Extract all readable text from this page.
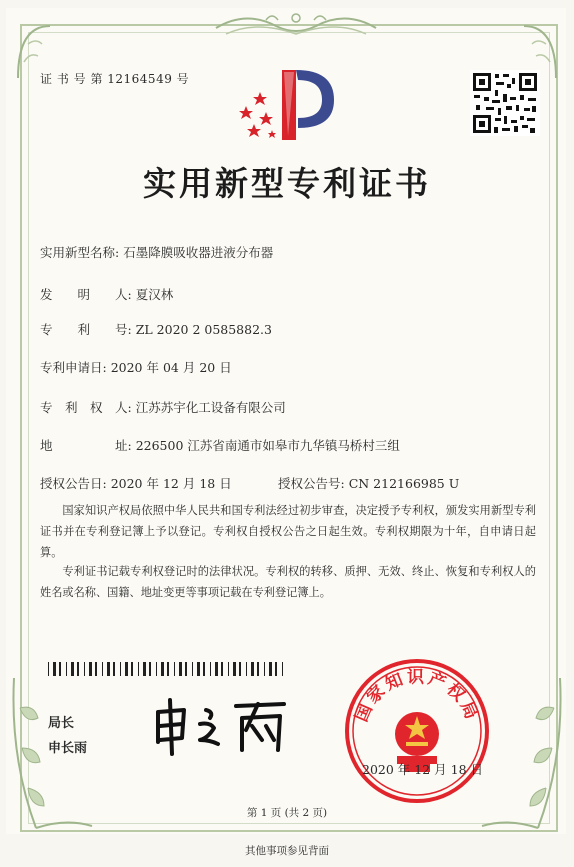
证 书 号 第 12164549 号
实用新型专利证书
实用新型名称: 石墨降膜吸收器进液分布器
发　　明　　人: 夏汉林
专　　利　　号: ZL 2020 2 0585882.3
专利申请日: 2020 年 04 月 20 日
专　利　权　人: 江苏苏宇化工设备有限公司
地　　　　　址: 226500 江苏省南通市如皋市九华镇马桥村三组
授权公告日: 2020 年 12 月 18 日	授权公告号: CN 212166985 U
国家知识产权局依照中华人民共和国专利法经过初步审查，决定授予专利权，颁发实用新型专利证书并在专利登记簿上予以登记。专利权自授权公告之日起生效。专利权期限为十年，自申请日起算。
专利证书记载专利权登记时的法律状况。专利权的转移、质押、无效、终止、恢复和专利权人的姓名或名称、国籍、地址变更等事项记载在专利登记簿上。
局长
申长雨
国家知识产权局
2020 年 12 月 18 日
第 1 页 (共 2 页)
其他事项参见背面
